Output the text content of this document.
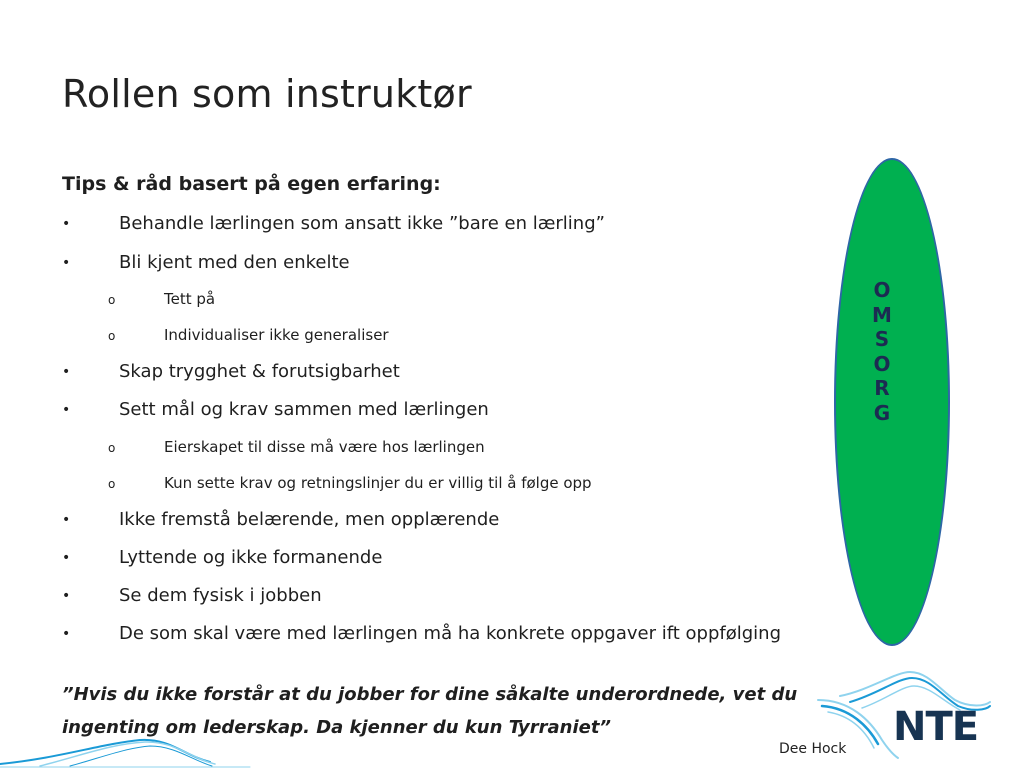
Rollen som instruktør
Tips & råd basert på egen erfaring:
•	Behandle lærlingen som ansatt ikke ”bare en lærling”
•	Bli kjent med den enkelte
o	Tett på
o	Individualiser ikke generaliser
•	Skap trygghet & forutsigbarhet
•	Sett mål og krav sammen med lærlingen
o	Eierskapet til disse må være hos lærlingen
o	Kun sette krav og retningslinjer du er villig til å følge opp
•	Ikke fremstå belærende, men opplærende
•	Lyttende og ikke formanende
•	Se dem fysisk i jobben
•	De som skal være med lærlingen må ha konkrete oppgaver ift oppfølging
O
M
S
O
R
G
NTE
”Hvis du ikke forstår at du jobber for dine såkalte underordnede, vet du ingenting om lederskap. Da kjenner du kun Tyrraniet”
Dee Hock
